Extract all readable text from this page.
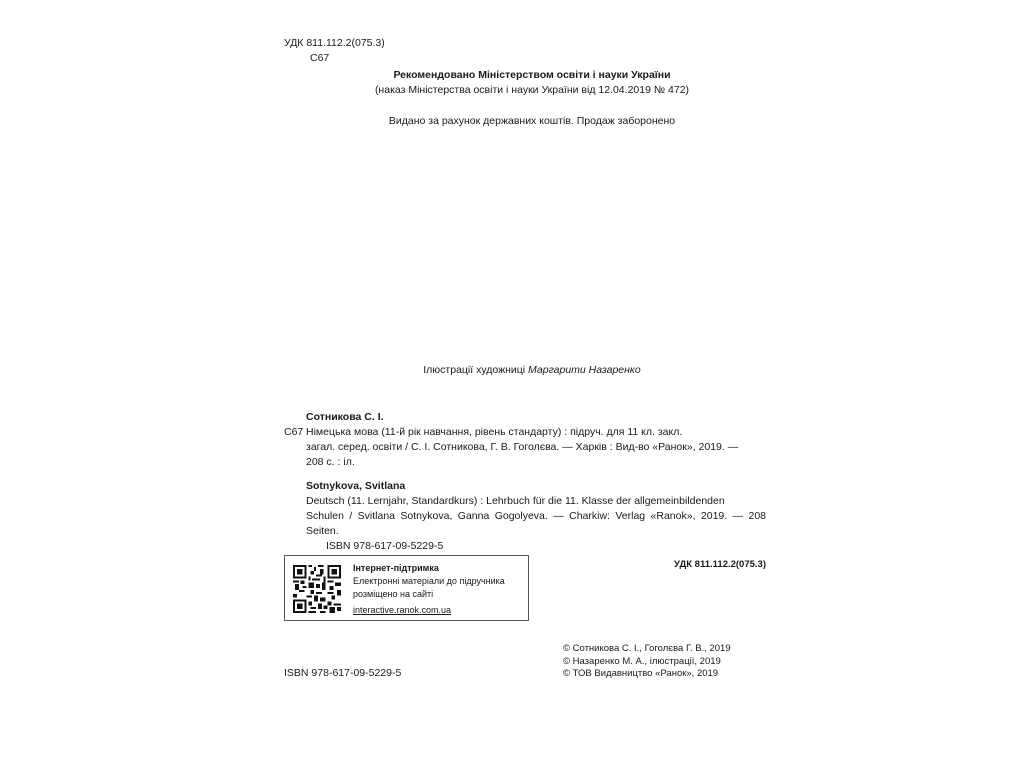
УДК 811.112.2(075.3)
С67
Рекомендовано Міністерством освіти і науки України
(наказ Міністерства освіти і науки України від 12.04.2019 № 472)
Видано за рахунок державних коштів. Продаж заборонено
Ілюстрації художниці Маргарити Назаренко
Сотникова С. І.
С67 Німецька мова (11-й рік навчання, рівень стандарту) : підруч. для 11 кл. закл.
загал. серед. освіти / С. І. Сотникова, Г. В. Гоголєва. — Харків : Вид-во «Ранок», 2019. —
208 с. : іл.
Sotnykova, Svitlana
Deutsch (11. Lernjahr, Standardkurs) : Lehrbuch für die 11. Klasse der allgemeinbildenden
Schulen / Svitlana Sotnykova, Ganna Gogolyeva. — Charkiw: Verlag «Ranok», 2019. — 208 Seiten.
ISBN 978-617-09-5229-5
УДК 811.112.2(075.3)
Інтернет-підтримка
Електронні матеріали до підручника
розміщено на сайті
interactive.ranok.com.ua
ISBN 978-617-09-5229-5
© Сотникова С. І., Гоголєва Г. В., 2019
© Назаренко М. А., ілюстрації, 2019
© ТОВ Видавництво «Ранок», 2019
